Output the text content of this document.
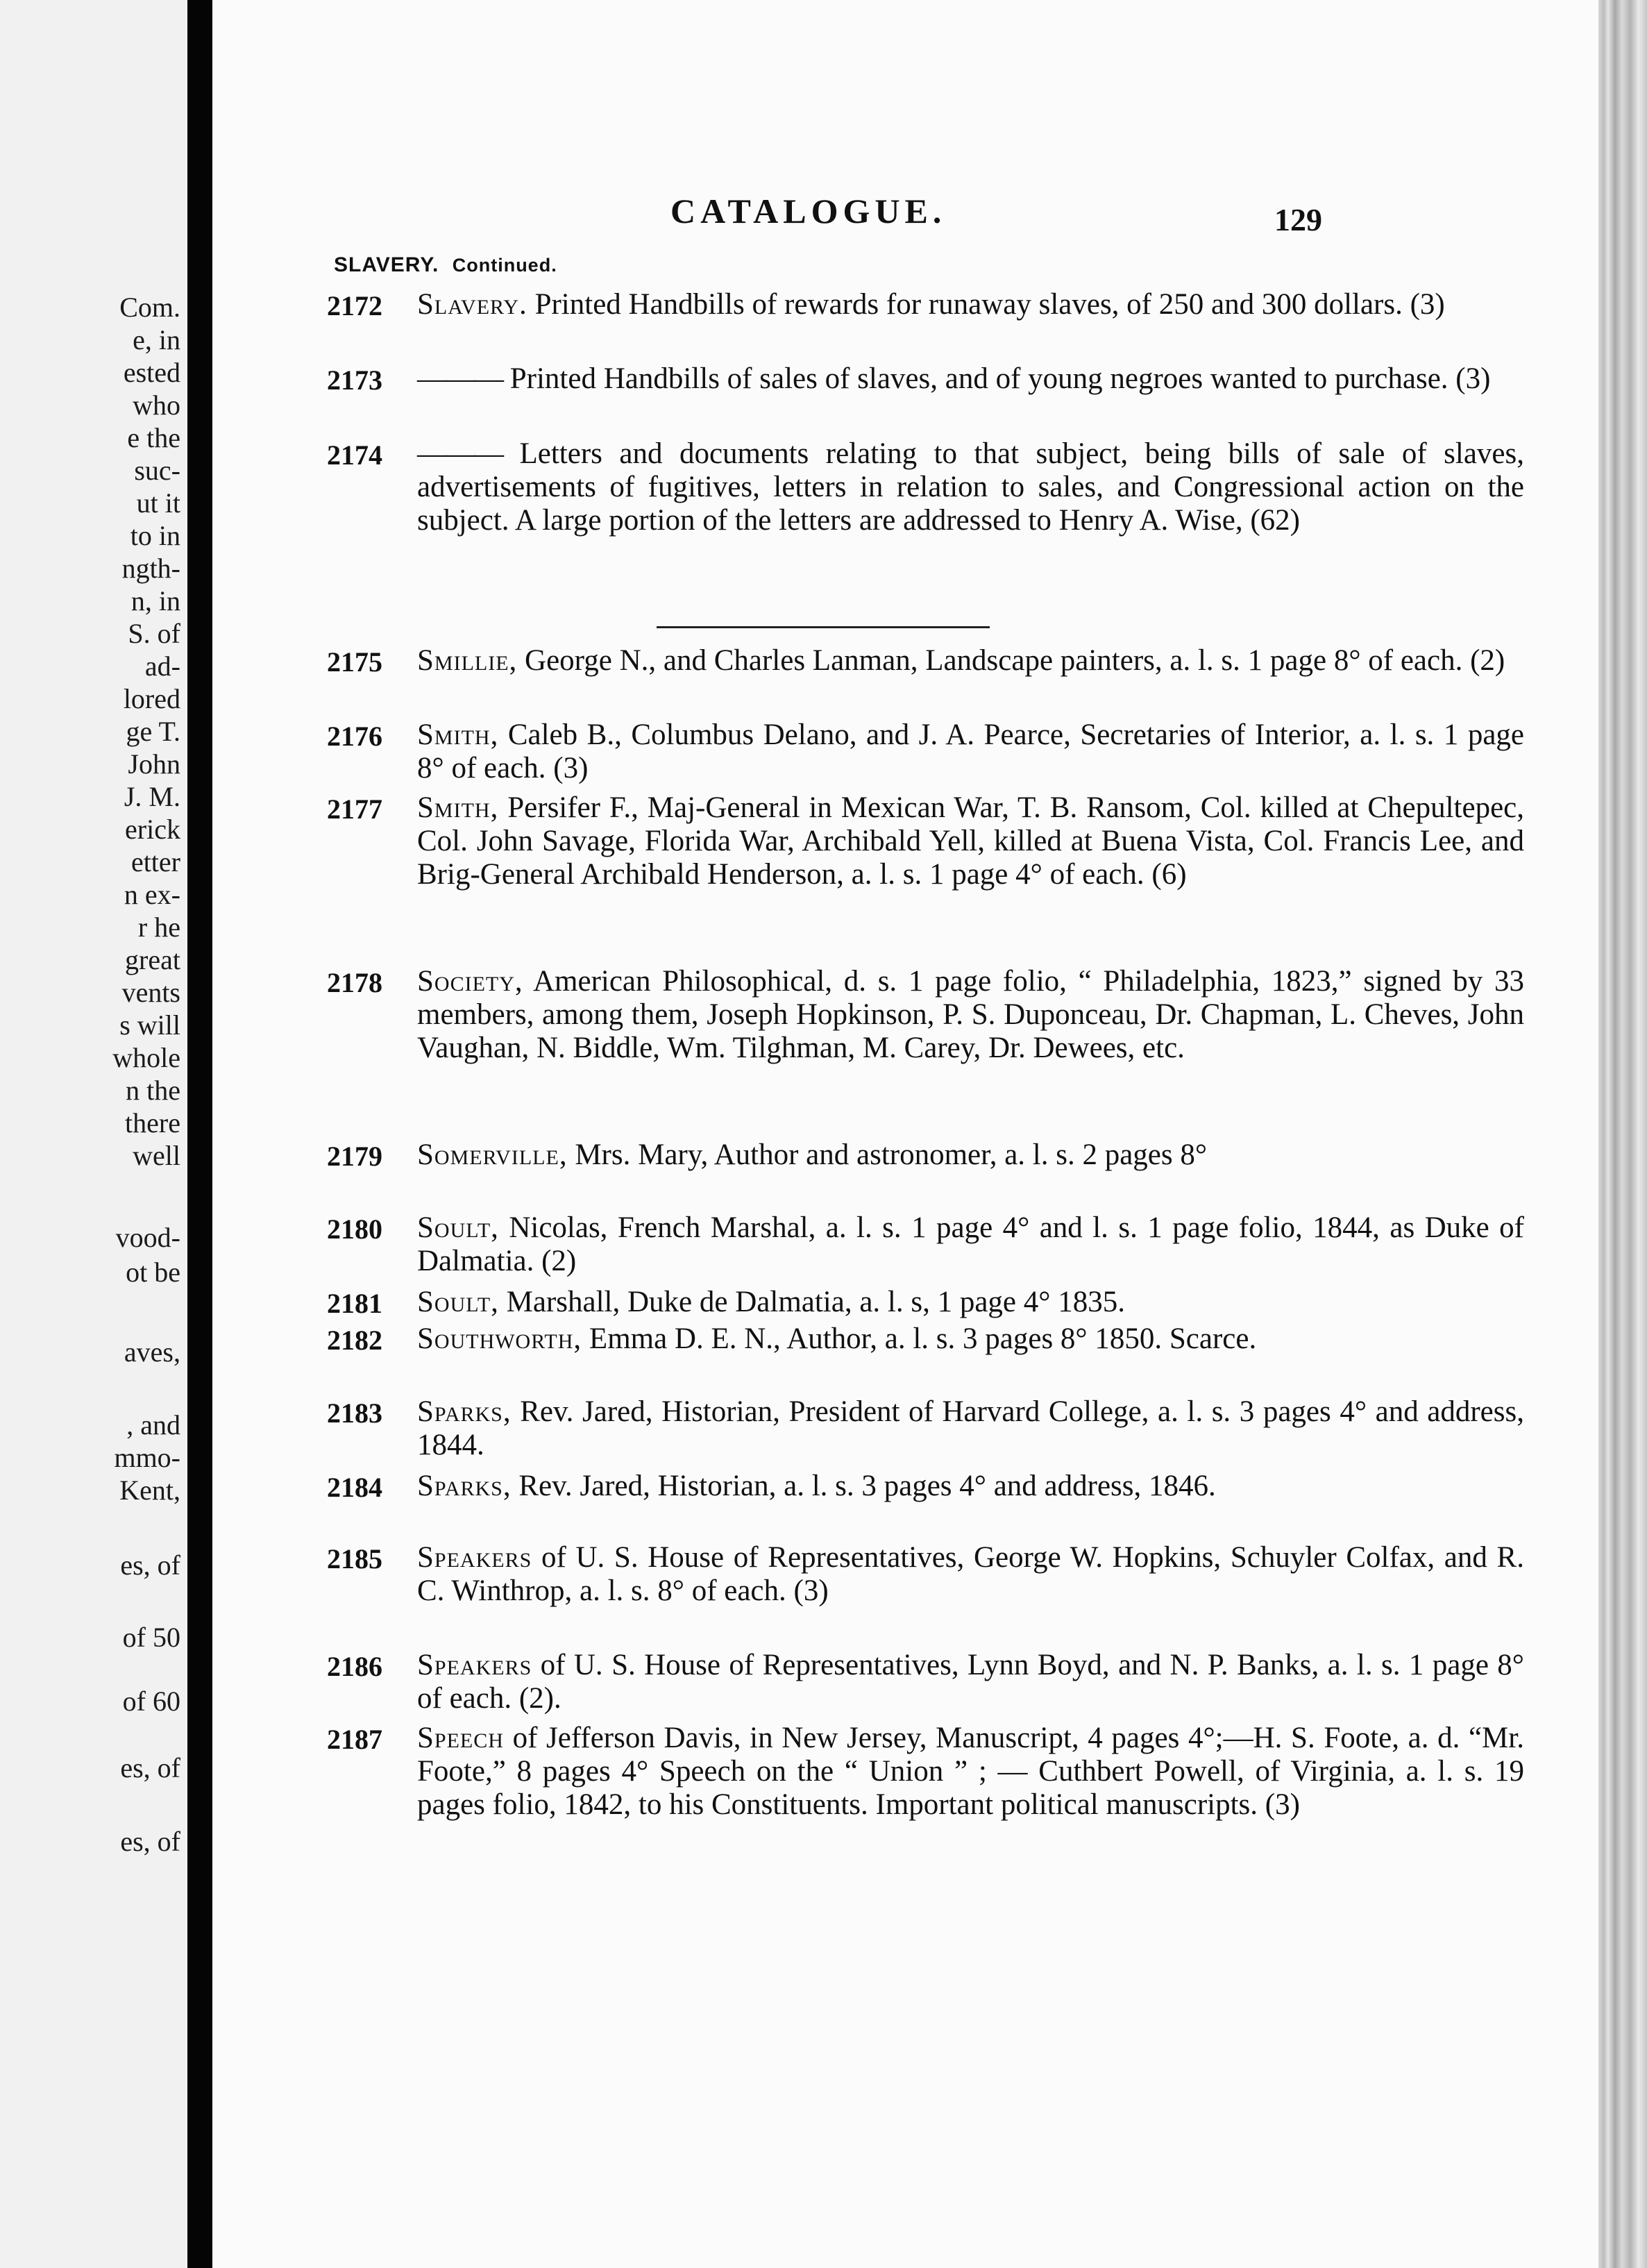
Com.
e, in
ested
who
e the
suc-
ut it
to in
ngth-
n, in
S. of
ad-
lored
ge T.
John
J. M.
erick
etter
n ex-
r he
great
vents
s will
whole
n the
there
well
vood-
ot be
aves,
, and
mmo-
Kent,
es, of
of 50
of 60
es, of
es, of
CATALOGUE.	129
SLAVERY. Continued.
2172	Slavery. Printed Handbills of rewards for runaway slaves, of 250 and 300 dollars. (3)
2173	——— Printed Handbills of sales of slaves, and of young negroes wanted to purchase. (3)
2174	——— Letters and documents relating to that subject, being bills of sale of slaves, advertisements of fugitives, letters in relation to sales, and Congressional action on the subject. A large portion of the letters are addressed to Henry A. Wise, (62)
2175	Smillie, George N., and Charles Lanman, Landscape painters, a. l. s. 1 page 8° of each. (2)
2176	Smith, Caleb B., Columbus Delano, and J. A. Pearce, Secretaries of Interior, a. l. s. 1 page 8° of each. (3)
2177	Smith, Persifer F., Maj-General in Mexican War, T. B. Ransom, Col. killed at Chepultepec, Col. John Savage, Florida War, Archibald Yell, killed at Buena Vista, Col. Francis Lee, and Brig-General Archibald Henderson, a. l. s. 1 page 4° of each. (6)
2178	Society, American Philosophical, d. s. 1 page folio, “ Philadelphia, 1823,” signed by 33 members, among them, Joseph Hopkinson, P. S. Duponceau, Dr. Chapman, L. Cheves, John Vaughan, N. Biddle, Wm. Tilghman, M. Carey, Dr. Dewees, etc.
2179	Somerville, Mrs. Mary, Author and astronomer, a. l. s. 2 pages 8°
2180	Soult, Nicolas, French Marshal, a. l. s. 1 page 4° and l. s. 1 page folio, 1844, as Duke of Dalmatia. (2)
2181	Soult, Marshall, Duke de Dalmatia, a. l. s, 1 page 4° 1835.
2182	Southworth, Emma D. E. N., Author, a. l. s. 3 pages 8° 1850. Scarce.
2183	Sparks, Rev. Jared, Historian, President of Harvard College, a. l. s. 3 pages 4° and address, 1844.
2184	Sparks, Rev. Jared, Historian, a. l. s. 3 pages 4° and address, 1846.
2185	Speakers of U. S. House of Representatives, George W. Hopkins, Schuyler Colfax, and R. C. Winthrop, a. l. s. 8° of each. (3)
2186	Speakers of U. S. House of Representatives, Lynn Boyd, and N. P. Banks, a. l. s. 1 page 8° of each. (2).
2187	Speech of Jefferson Davis, in New Jersey, Manuscript, 4 pages 4°;—H. S. Foote, a. d. “Mr. Foote,” 8 pages 4° Speech on the “ Union ” ; — Cuthbert Powell, of Virginia, a. l. s. 19 pages folio, 1842, to his Constituents. Important political manuscripts. (3)
